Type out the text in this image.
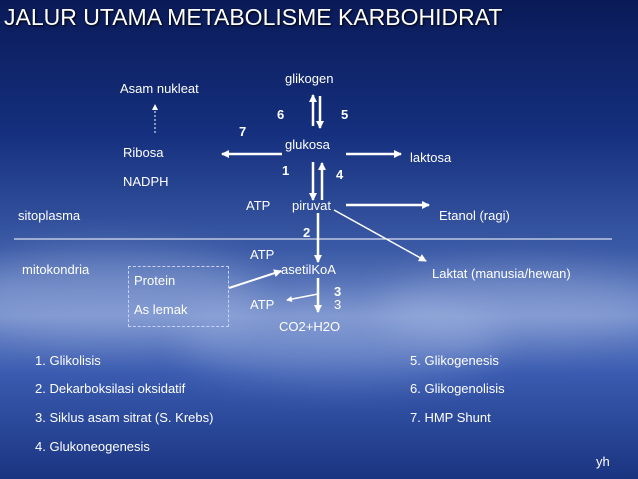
JALUR UTAMA METABOLISME KARBOHIDRAT
Asam nukleat
glikogen
glukosa
Ribosa
NADPH
laktosa
sitoplasma
ATP piruvat
Etanol (ragi)
mitokondria
ATP
asetilKoA
Protein
As lemak	ATP	3
CO2+H2O
Laktat (manusia/hewan)
6	5
7
1	4
2
3
1. Glikolisis
2. Dekarboksilasi oksidatif
3. Siklus asam sitrat (S. Krebs)
4. Glukoneogenesis
5. Glikogenesis
6. Glikogenolisis
7. HMP Shunt
yh
